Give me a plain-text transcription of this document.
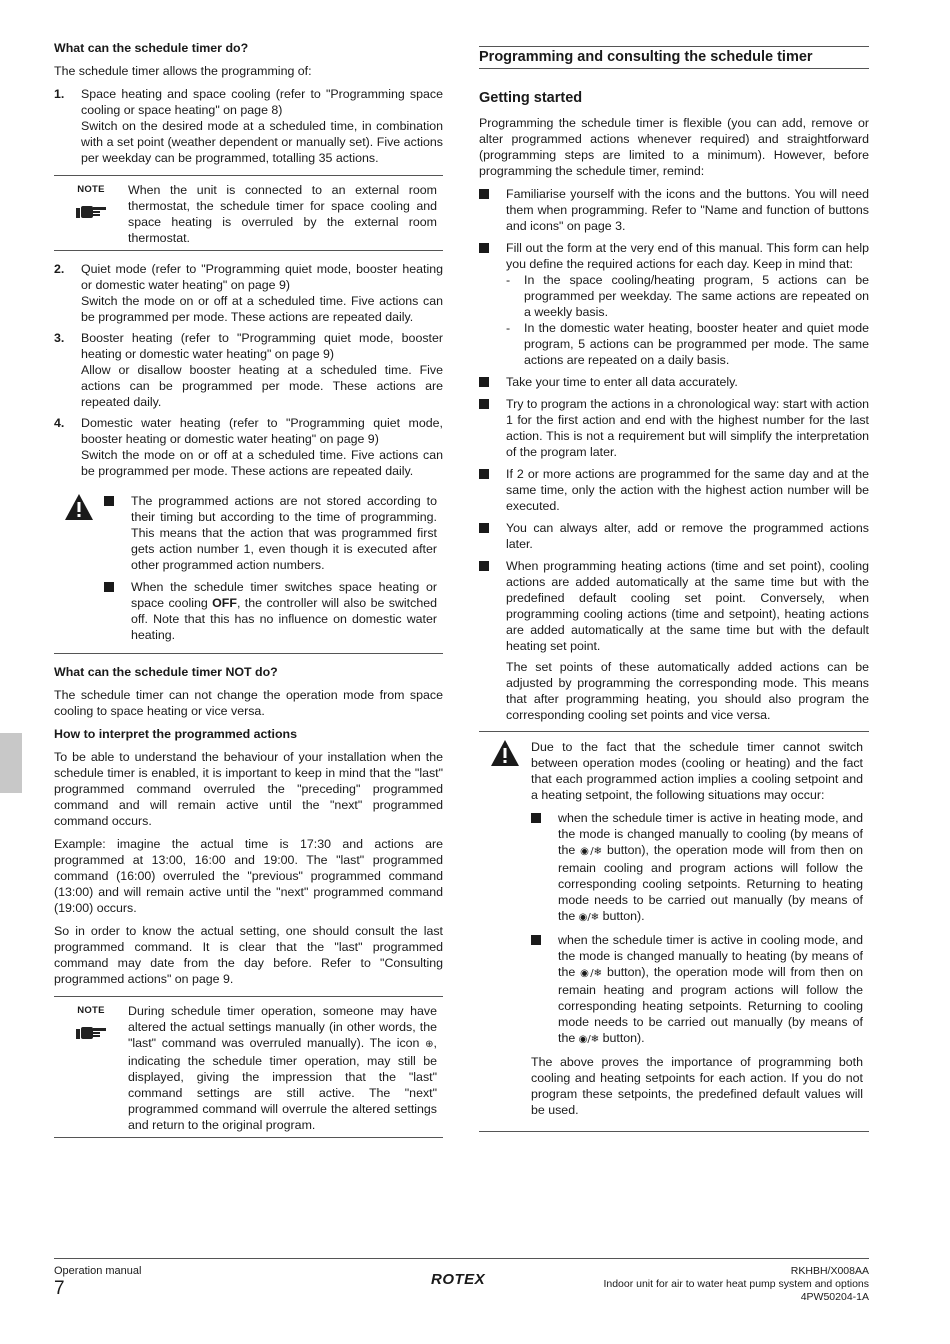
What can the schedule timer do?

The schedule timer allows the programming of:

1.	Space heating and space cooling (refer to "Programming space cooling or space heating" on page 8)

Switch on the desired mode at a scheduled time, in combination with a set point (weather dependent or manually set). Five actions per weekday can be programmed, totalling 35 actions.

NOTE When the unit is connected to an external room thermostat, the schedule timer for space cooling and space heating is overruled by the external room thermostat.

2.	Quiet mode (refer to "Programming quiet mode, booster heating or domestic water heating" on page 9)

Switch the mode on or off at a scheduled time. Five actions can be programmed per mode. These actions are repeated daily.

3.	Booster heating (refer to "Programming quiet mode, booster heating or domestic water heating" on page 9)

Allow or disallow booster heating at a scheduled time. Five actions can be programmed per mode. These actions are repeated daily.

4.	Domestic water heating (refer to "Programming quiet mode, booster heating or domestic water heating" on page 9)

Switch the mode on or off at a scheduled time. Five actions can be programmed per mode. These actions are repeated daily.

The programmed actions are not stored according to their timing but according to the time of programming. This means that the action that was programmed first gets action number 1, even though it is executed after other programmed action numbers.

When the schedule timer switches space heating or space cooling OFF, the controller will also be switched off. Note that this has no influence on domestic water heating.

What can the schedule timer NOT do?

The schedule timer can not change the operation mode from space cooling to space heating or vice versa.

How to interpret the programmed actions

To be able to understand the behaviour of your installation when the schedule timer is enabled, it is important to keep in mind that the "last" programmed command overruled the "preceding" programmed command and will remain active until the "next" programmed command occurs.

Example: imagine the actual time is 17:30 and actions are programmed at 13:00, 16:00 and 19:00. The "last" programmed command (16:00) overruled the "previous" programmed command (13:00) and will remain active until the "next" programmed command (19:00) occurs.

So in order to know the actual setting, one should consult the last programmed command. It is clear that the "last" programmed command may date from the day before. Refer to "Consulting programmed actions" on page 9.

NOTE During schedule timer operation, someone may have altered the actual settings manually (in other words, the "last" command was overruled manually). The icon ⊕, indicating the schedule timer operation, may still be displayed, giving the impression that the "last" command settings are still active. The "next" programmed command will overrule the altered settings and return to the original program.

Programming and consulting the schedule timer
Getting started

Programming the schedule timer is flexible (you can add, remove or alter programmed actions whenever required) and straightforward (programming steps are limited to a minimum). However, before programming the schedule timer, remind:

Familiarise yourself with the icons and the buttons. You will need them when programming. Refer to "Name and function of buttons and icons" on page 3.

Fill out the form at the very end of this manual. This form can help you define the required actions for each day. Keep in mind that:

-	In the space cooling/heating program, 5 actions can be programmed per weekday. The same actions are repeated on a weekly basis.
-	In the domestic water heating, booster heater and quiet mode program, 5 actions can be programmed per mode. The same actions are repeated on a daily basis.

Take your time to enter all data accurately.

Try to program the actions in a chronological way: start with action 1 for the first action and end with the highest number for the last action. This is not a requirement but will simplify the interpretation of the program later.

If 2 or more actions are programmed for the same day and at the same time, only the action with the highest action number will be executed.

You can always alter, add or remove the programmed actions later.

When programming heating actions (time and set point), cooling actions are added automatically at the same time but with the predefined default cooling set point. Conversely, when programming cooling actions (time and setpoint), heating actions are added automatically at the same time but with the default heating set point.

The set points of these automatically added actions can be adjusted by programming the corresponding mode. This means that after programming heating, you should also program the corresponding cooling set points and vice versa.

Due to the fact that the schedule timer cannot switch between operation modes (cooling or heating) and the fact that each programmed action implies a cooling setpoint and a heating setpoint, the following situations may occur:

when the schedule timer is active in heating mode, and the mode is changed manually to cooling (by means of the ◉/❄ button), the operation mode will from then on remain cooling and program actions will follow the corresponding cooling setpoints. Returning to heating mode needs to be carried out manually (by means of the ◉/❄ button).

when the schedule timer is active in cooling mode, and the mode is changed manually to heating (by means of the ◉/❄ button), the operation mode will from then on remain heating and program actions will follow the corresponding heating setpoints. Returning to cooling mode needs to be carried out manually (by means of the ◉/❄ button).

The above proves the importance of programming both cooling and heating setpoints for each action. If you do not program these setpoints, the predefined default values will be used.

Operation manual
7	ROTEX	RKHBH/X008AA
Indoor unit for air to water heat pump system and options
4PW50204-1A
